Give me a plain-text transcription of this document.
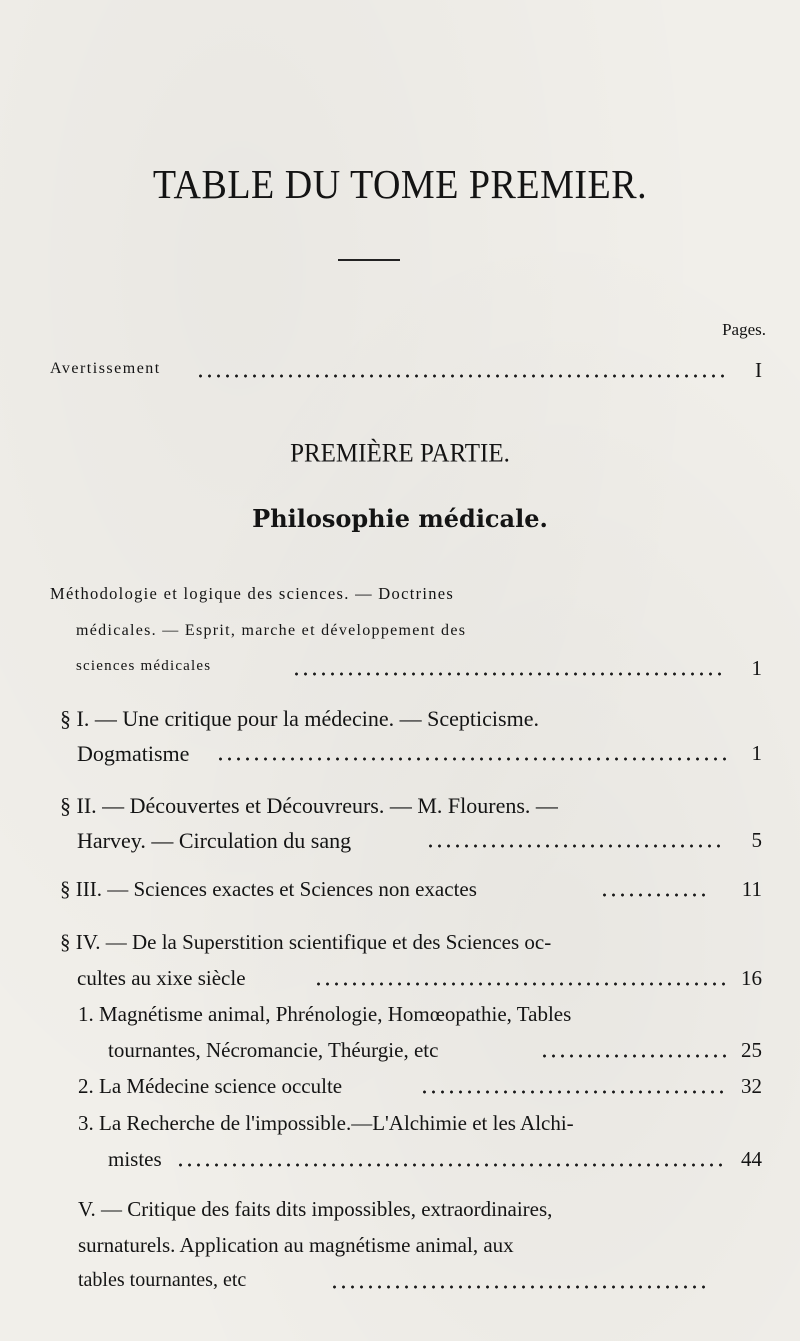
TABLE DU TOME PREMIER.
Pages.
Avertissement	I
PREMIÈRE PARTIE.
Philosophie médicale.
Méthodologie et logique des sciences. — Doctrines
médicales. — Esprit, marche et développement des
sciences médicales	1
§ I. — Une critique pour la médecine. — Scepticisme.
Dogmatisme	1
§ II. — Découvertes et Découvreurs. — M. Flourens. —
Harvey. — Circulation du sang	5
§ III. — Sciences exactes et Sciences non exactes	11
§ IV. — De la Superstition scientifique et des Sciences oc-
cultes au xixe siècle	16
1. Magnétisme animal, Phrénologie, Homœopathie, Tables
tournantes, Nécromancie, Théurgie, etc	25
2. La Médecine science occulte	32
3. La Recherche de l'impossible.—L'Alchimie et les Alchi-
mistes	44
V. — Critique des faits dits impossibles, extraordinaires,
surnaturels. Application au magnétisme animal, aux
tables tournantes, etc
